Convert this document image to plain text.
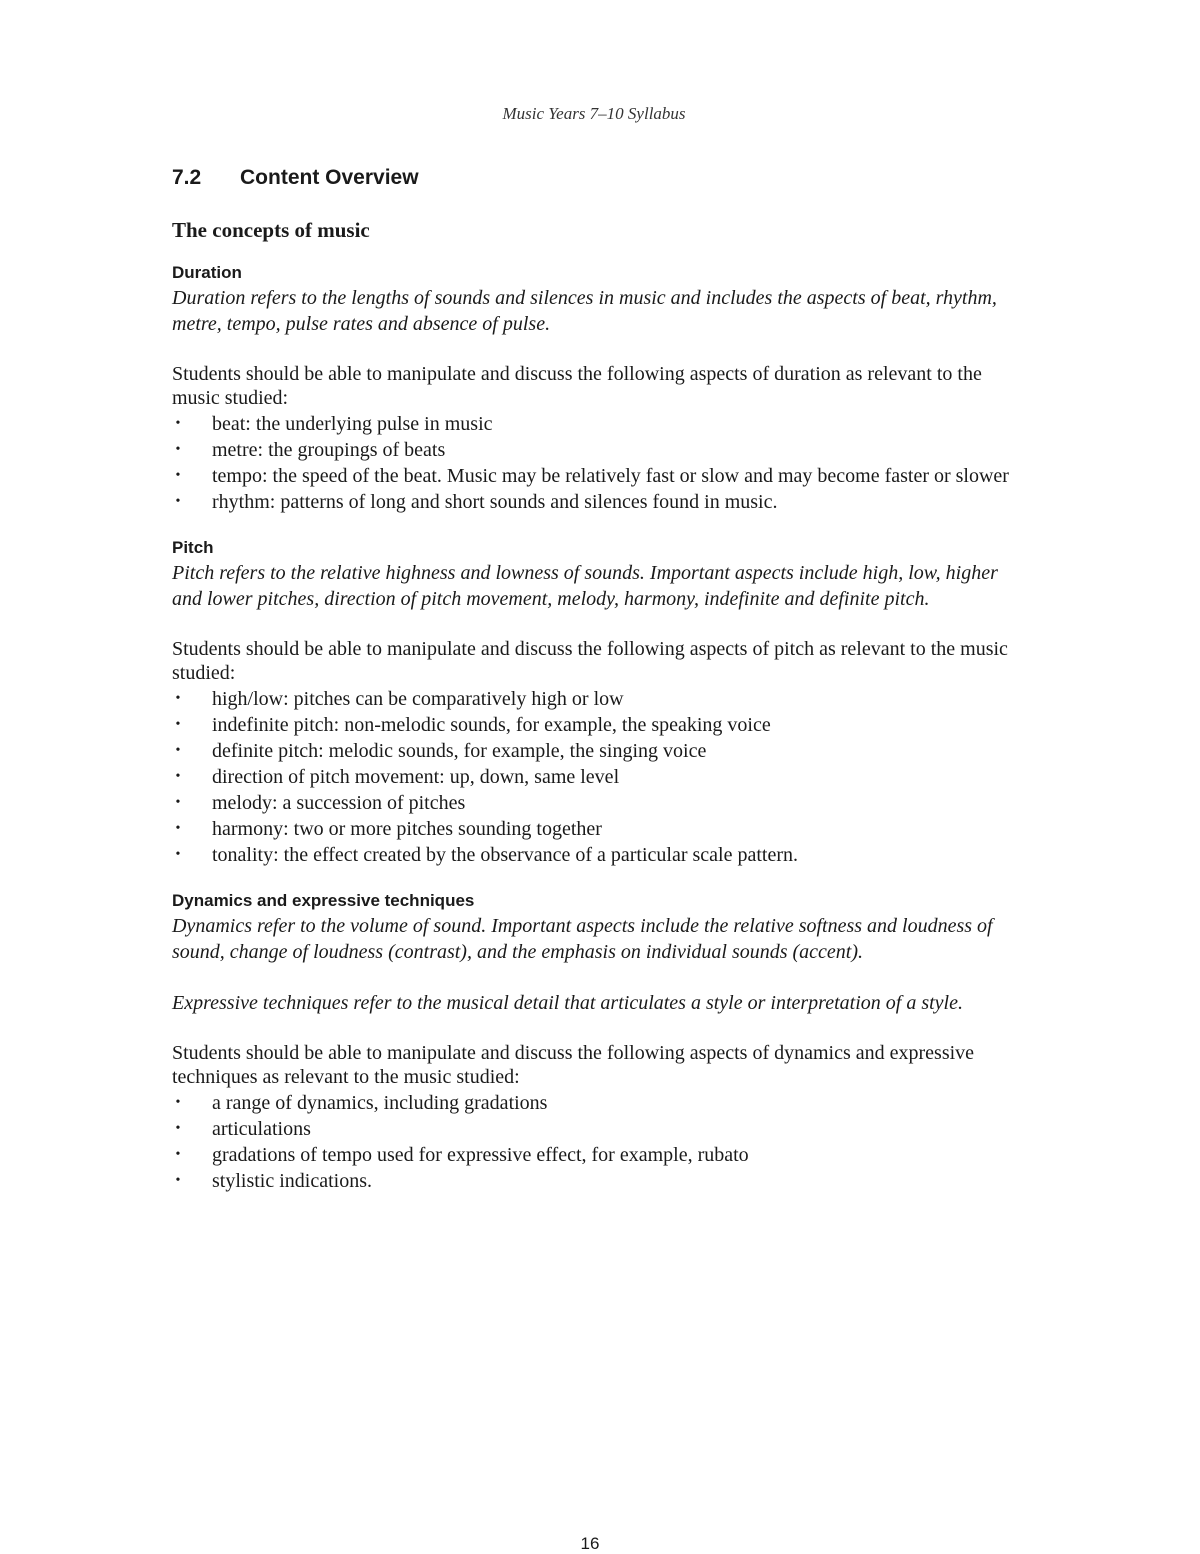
Music Years 7–10 Syllabus
7.2	Content Overview
The concepts of music
Duration

Duration refers to the lengths of sounds and silences in music and includes the aspects of beat, rhythm, metre, tempo, pulse rates and absence of pulse.

Students should be able to manipulate and discuss the following aspects of duration as relevant to the music studied:

• beat: the underlying pulse in music
• metre: the groupings of beats
• tempo: the speed of the beat. Music may be relatively fast or slow and may become faster or slower
• rhythm: patterns of long and short sounds and silences found in music.
Pitch

Pitch refers to the relative highness and lowness of sounds. Important aspects include high, low, higher and lower pitches, direction of pitch movement, melody, harmony, indefinite and definite pitch.

Students should be able to manipulate and discuss the following aspects of pitch as relevant to the music studied:

• high/low: pitches can be comparatively high or low
• indefinite pitch: non-melodic sounds, for example, the speaking voice
• definite pitch: melodic sounds, for example, the singing voice
• direction of pitch movement: up, down, same level
• melody: a succession of pitches
• harmony: two or more pitches sounding together
• tonality: the effect created by the observance of a particular scale pattern.
Dynamics and expressive techniques

Dynamics refer to the volume of sound. Important aspects include the relative softness and loudness of sound, change of loudness (contrast), and the emphasis on individual sounds (accent).

Expressive techniques refer to the musical detail that articulates a style or interpretation of a style.

Students should be able to manipulate and discuss the following aspects of dynamics and expressive techniques as relevant to the music studied:

• a range of dynamics, including gradations
• articulations
• gradations of tempo used for expressive effect, for example, rubato
• stylistic indications.
16
